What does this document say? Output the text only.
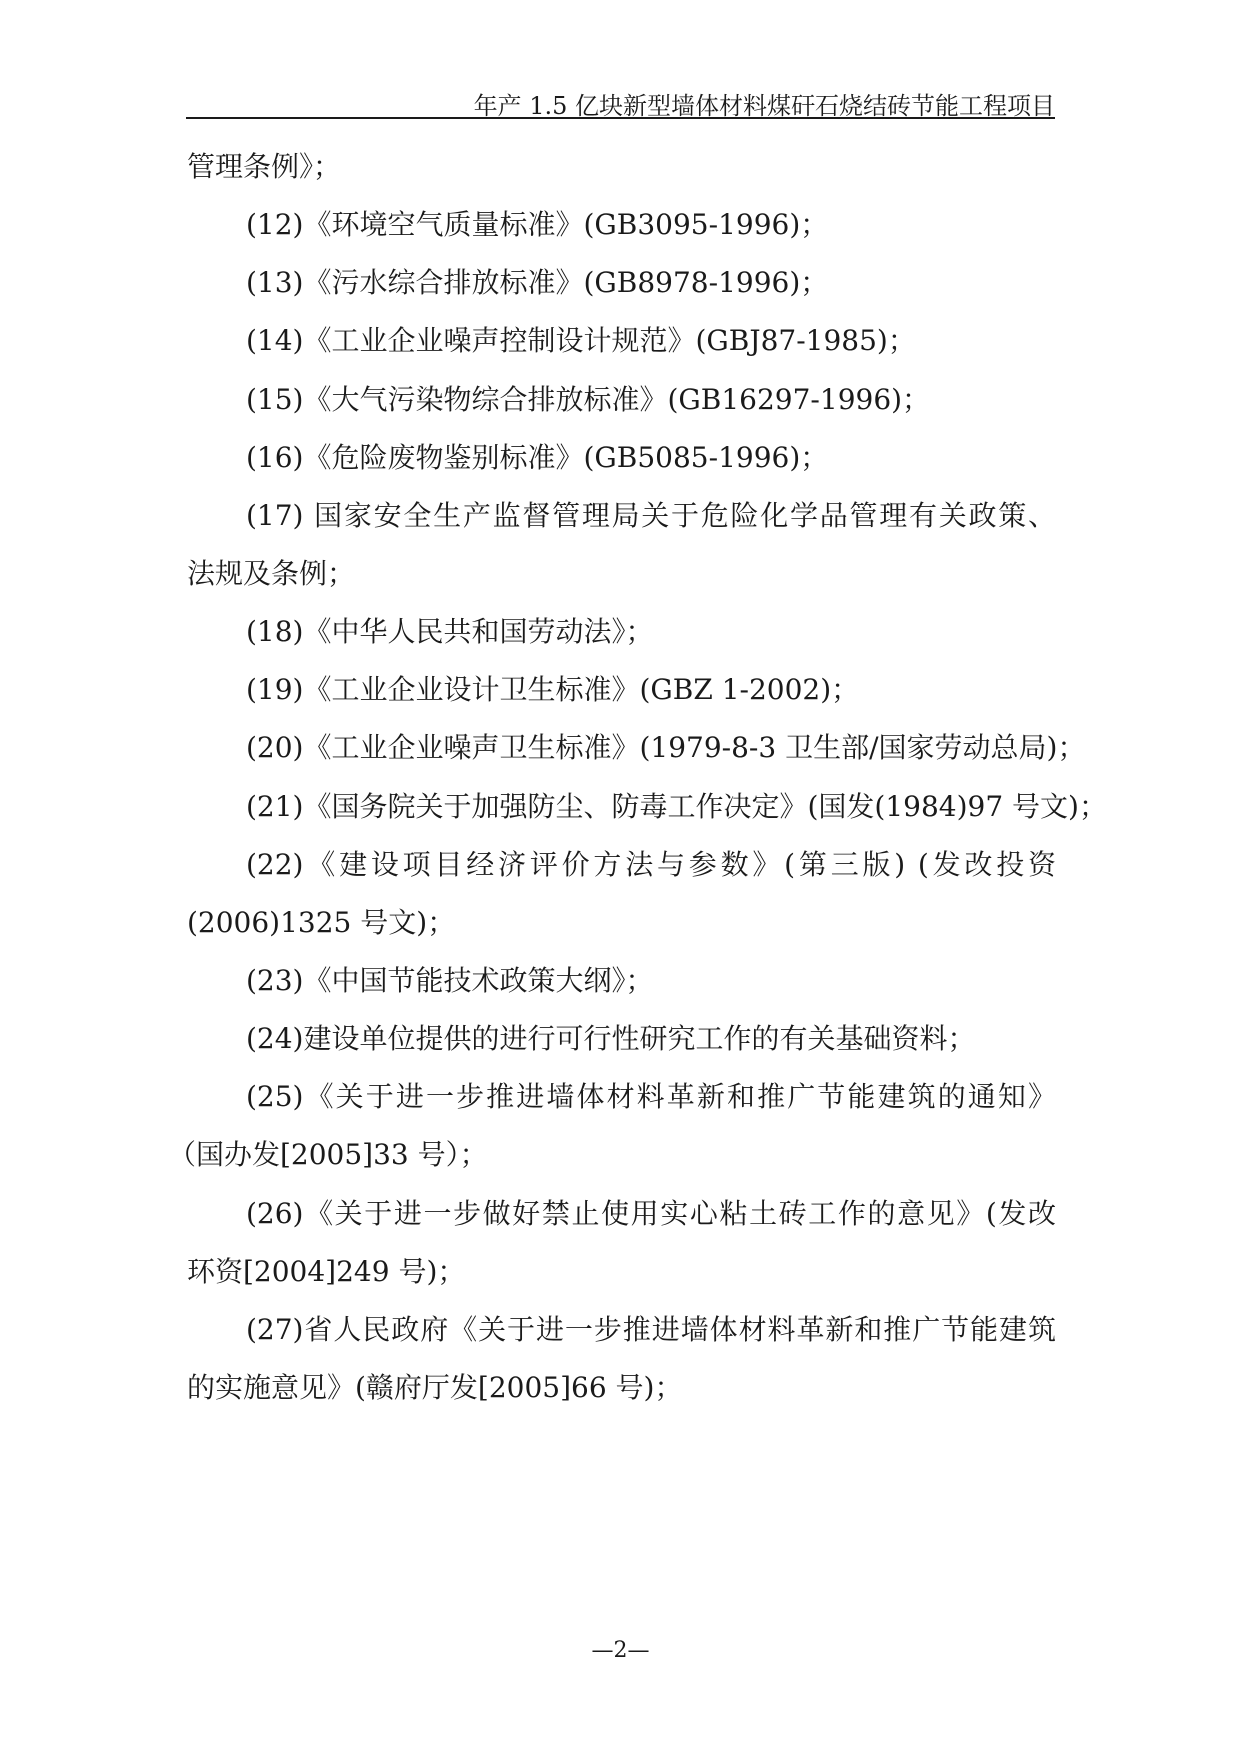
年产 1.5 亿块新型墙体材料煤矸石烧结砖节能工程项目
管理条例》；
(12)《环境空气质量标准》(GB3095-1996)；
(13)《污水综合排放标准》(GB8978-1996)；
(14)《工业企业噪声控制设计规范》(GBJ87-1985)；
(15)《大气污染物综合排放标准》(GB16297-1996)；
(16)《危险废物鉴别标准》(GB5085-1996)；
(17) 国家安全生产监督管理局关于危险化学品管理有关政策、
法规及条例；
(18)《中华人民共和国劳动法》；
(19)《工业企业设计卫生标准》(GBZ 1-2002)；
(20)《工业企业噪声卫生标准》(1979-8-3 卫生部/国家劳动总局)；
(21)《国务院关于加强防尘、防毒工作决定》(国发(1984)97 号文)；
(22)《建设项目经济评价方法与参数》(第三版) (发改投资
(2006)1325 号文)；
(23)《中国节能技术政策大纲》；
(24)建设单位提供的进行可行性研究工作的有关基础资料；
(25)《关于进一步推进墙体材料革新和推广节能建筑的通知》
（国办发[2005]33 号）；
(26)《关于进一步做好禁止使用实心粘土砖工作的意见》(发改
环资[2004]249 号)；
(27)省人民政府《关于进一步推进墙体材料革新和推广节能建筑
的实施意见》(赣府厅发[2005]66 号)；
—2—
